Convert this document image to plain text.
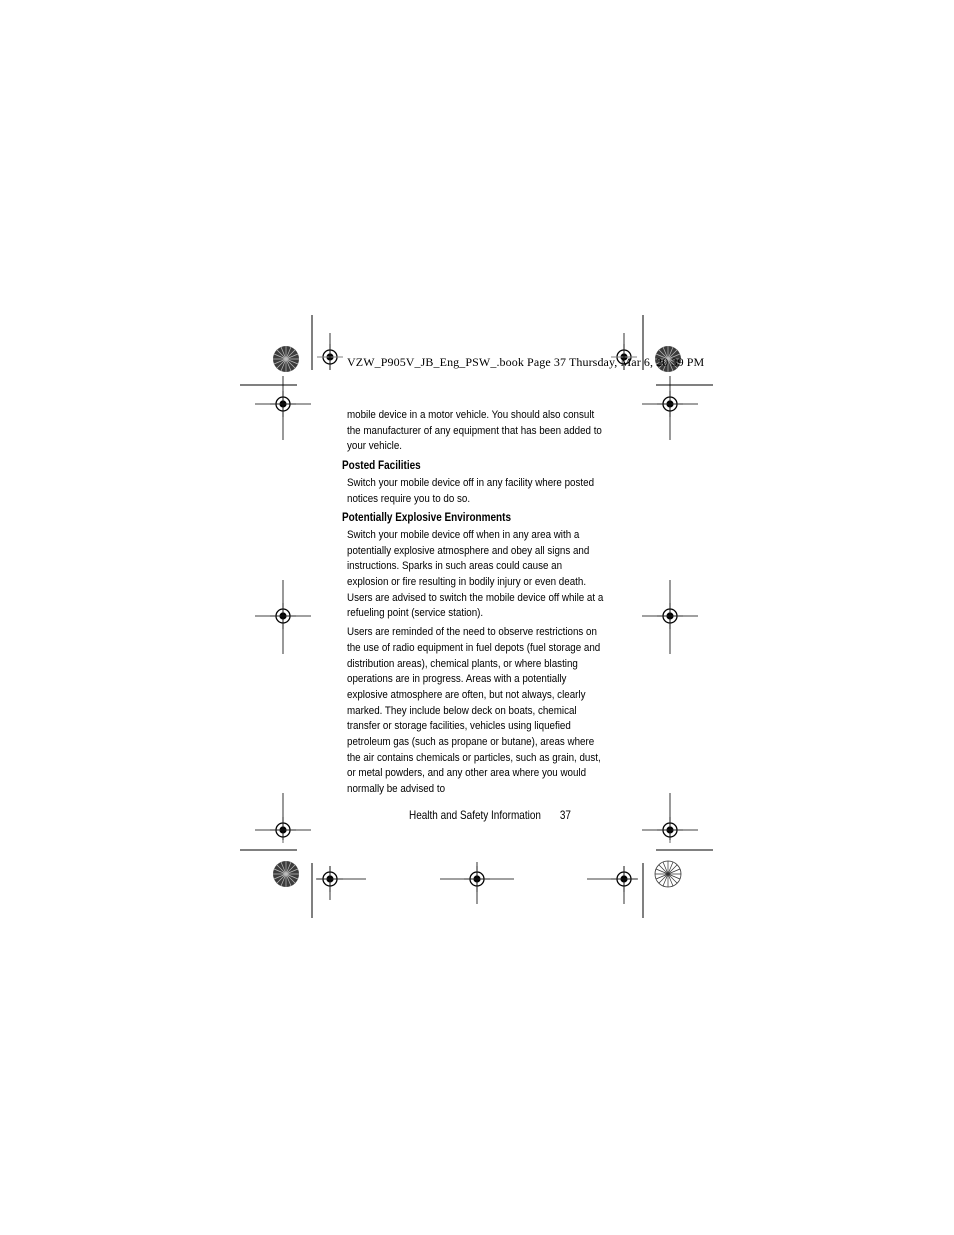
VZW_P905V_JB_Eng_PSW_.book Page 37 Thursday, Mar 6, 20 39 PM

mobile device in a motor vehicle. You should also consult the manufacturer of any equipment that has been added to your vehicle.

Posted Facilities

Switch your mobile device off in any facility where posted notices require you to do so.

Potentially Explosive Environments

Switch your mobile device off when in any area with a potentially explosive atmosphere and obey all signs and instructions. Sparks in such areas could cause an explosion or fire resulting in bodily injury or even death. Users are advised to switch the mobile device off while at a refueling point (service station).

Users are reminded of the need to observe restrictions on the use of radio equipment in fuel depots (fuel storage and distribution areas), chemical plants, or where blasting operations are in progress. Areas with a potentially explosive atmosphere are often, but not always, clearly marked. They include below deck on boats, chemical transfer or storage facilities, vehicles using liquefied petroleum gas (such as propane or butane), areas where the air contains chemicals or particles, such as grain, dust, or metal powders, and any other area where you would normally be advised to

Health and Safety Information 37
